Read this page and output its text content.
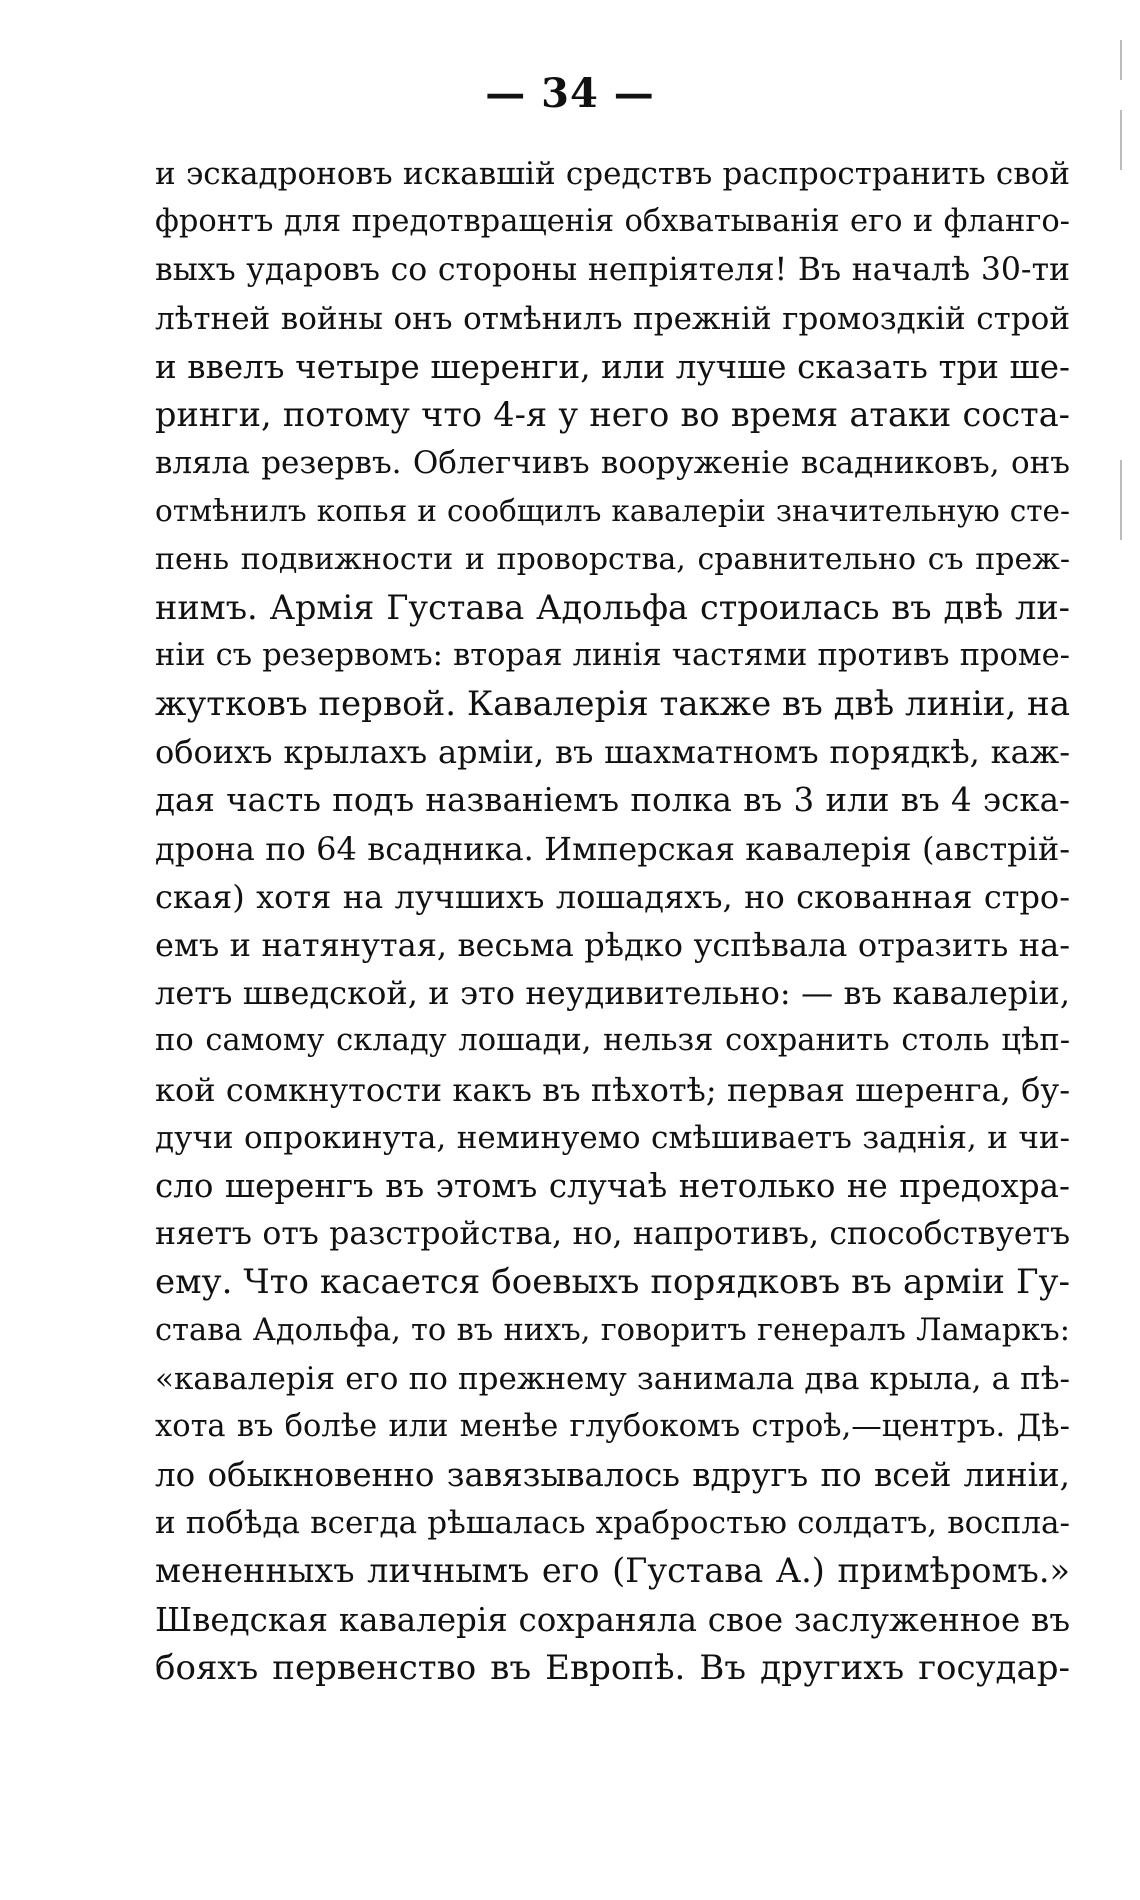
— 34 —
и эскадроновъ искавшій средствъ распространить свой
фронтъ для предотвращенія обхватыванія его и фланго-
выхъ ударовъ со стороны непріятеля! Въ началѣ 30-ти
лѣтней войны онъ отмѣнилъ прежній громоздкій строй
и ввелъ четыре шеренги, или лучше сказать три ше-
ринги, потому что 4-я у него во время атаки соста-
вляла резервъ. Облегчивъ вооруженіе всадниковъ, онъ
отмѣнилъ копья и сообщилъ кавалеріи значительную сте-
пень подвижности и проворства, сравнительно съ преж-
нимъ. Армія Густава Адольфа строилась въ двѣ ли-
ніи съ резервомъ: вторая линія частями противъ проме-
жутковъ первой. Кавалерія также въ двѣ линіи, на
обоихъ крылахъ арміи, въ шахматномъ порядкѣ, каж-
дая часть подъ названіемъ полка въ 3 или въ 4 эска-
дрона по 64 всадника. Имперская кавалерія (австрій-
ская) хотя на лучшихъ лошадяхъ, но скованная стро-
емъ и натянутая, весьма рѣдко успѣвала отразить на-
летъ шведской, и это неудивительно: — въ кавалеріи,
по самому складу лошади, нельзя сохранить столь цѣп-
кой сомкнутости какъ въ пѣхотѣ; первая шеренга, бу-
дучи опрокинута, неминуемо смѣшиваетъ заднія, и чи-
сло шеренгъ въ этомъ случаѣ нетолько не предохра-
няетъ отъ разстройства, но, напротивъ, способствуетъ
ему. Что касается боевыхъ порядковъ въ арміи Гу-
става Адольфа, то въ нихъ, говоритъ генералъ Ламаркъ:
«кавалерія его по прежнему занимала два крыла, а пѣ-
хота въ болѣе или менѣе глубокомъ строѣ,—центръ. Дѣ-
ло обыкновенно завязывалось вдругъ по всей линіи,
и побѣда всегда рѣшалась храбростью солдатъ, воспла-
мененныхъ личнымъ его (Густава А.) примѣромъ.»
Шведская кавалерія сохраняла свое заслуженное въ
бояхъ первенство въ Европѣ. Въ другихъ государ-
